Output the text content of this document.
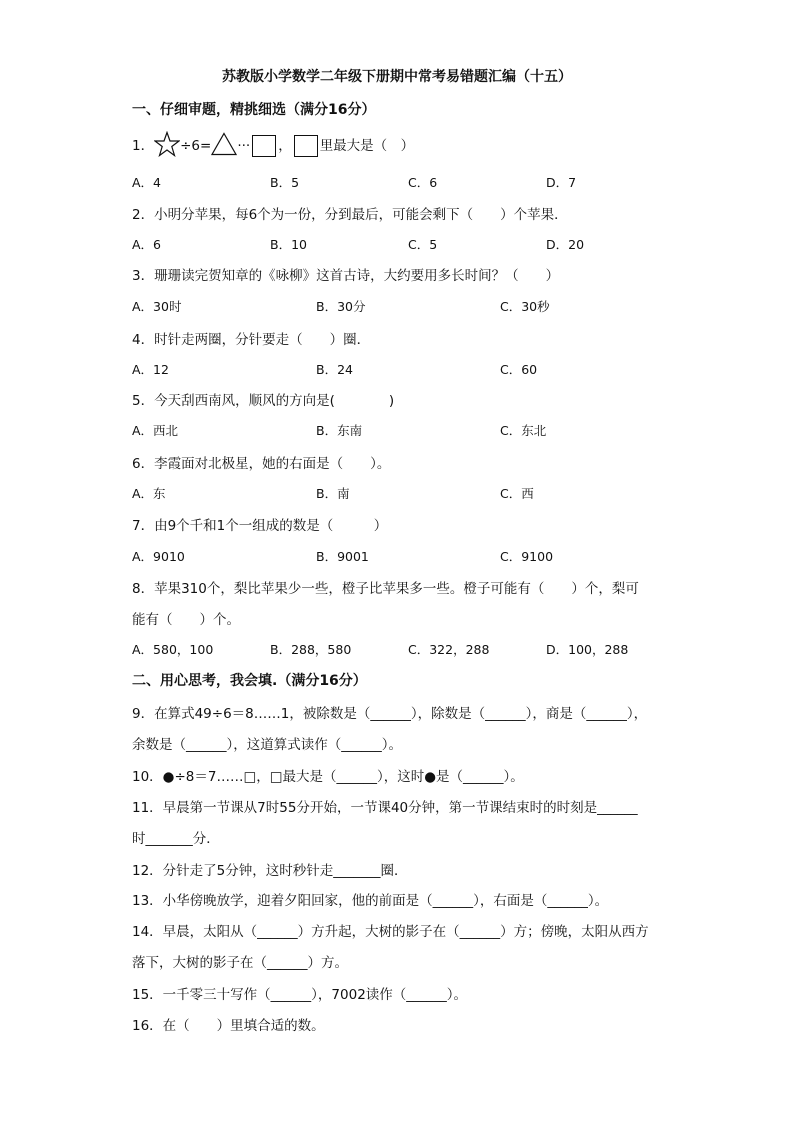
苏教版小学数学二年级下册期中常考易错题汇编（十五）
一、仔细审题，精挑细选（满分16分）
1． ÷6= ··· ， 里最大是（　）
A．4	B．5	C．6	D．7
2．小明分苹果，每6个为一份，分到最后，可能会剩下（　　）个苹果．
A．6	B．10	C．5	D．20
3．珊珊读完贺知章的《咏柳》这首古诗，大约要用多长时间？（　　）
A．30时	B．30分	C．30秒
4．时针走两圈，分针要走（　　）圈．
A．12	B．24	C．60
5．今天刮西南风，顺风的方向是(　　　　)
A．西北	B．东南	C．东北
6．李霞面对北极星，她的右面是（　　）。
A．东	B．南	C．西
7．由9个千和1个一组成的数是（　　　）
A．9010	B．9001	C．9100
8．苹果310个，梨比苹果少一些，橙子比苹果多一些。橙子可能有（　　）个，梨可
能有（　　）个。
A．580，100	B．288，580	C．322，288	D．100，288
二、用心思考，我会填.（满分16分）
9．在算式49÷6＝8……1，被除数是（______），除数是（______），商是（______），
余数是（______），这道算式读作（______）。
10．●÷8＝7……□，□最大是（______），这时●是（______）。
11．早晨第一节课从7时55分开始，一节课40分钟，第一节课结束时的时刻是______
时_______分．
12．分针走了5分钟，这时秒针走_______圈．
13．小华傍晚放学，迎着夕阳回家，他的前面是（______），右面是（______）。
14．早晨，太阳从（______）方升起，大树的影子在（______）方；傍晚，太阳从西方
落下，大树的影子在（______）方。
15．一千零三十写作（______），7002读作（______）。
16．在（　　）里填合适的数。
